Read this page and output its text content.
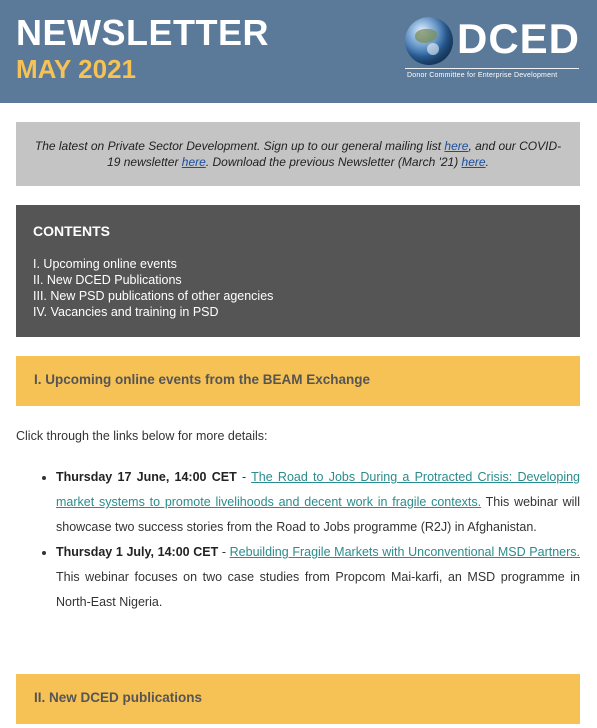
NEWSLETTER
MAY 2021
DCED
Donor Committee for Enterprise Development

The latest on Private Sector Development. Sign up to our general mailing list here, and our COVID-19 newsletter here. Download the previous Newsletter (March '21) here.

CONTENTS
I. Upcoming online events
II. New DCED Publications
III. New PSD publications of other agencies
IV. Vacancies and training in PSD
I. Upcoming online events from the BEAM Exchange
Click through the links below for more details:
• Thursday 17 June, 14:00 CET - The Road to Jobs During a Protracted Crisis: Developing market systems to promote livelihoods and decent work in fragile contexts. This webinar will showcase two success stories from the Road to Jobs programme (R2J) in Afghanistan.
• Thursday 1 July, 14:00 CET - Rebuilding Fragile Markets with Unconventional MSD Partners. This webinar focuses on two case studies from Propcom Mai-karfi, an MSD programme in North-East Nigeria.
II. New DCED publications
